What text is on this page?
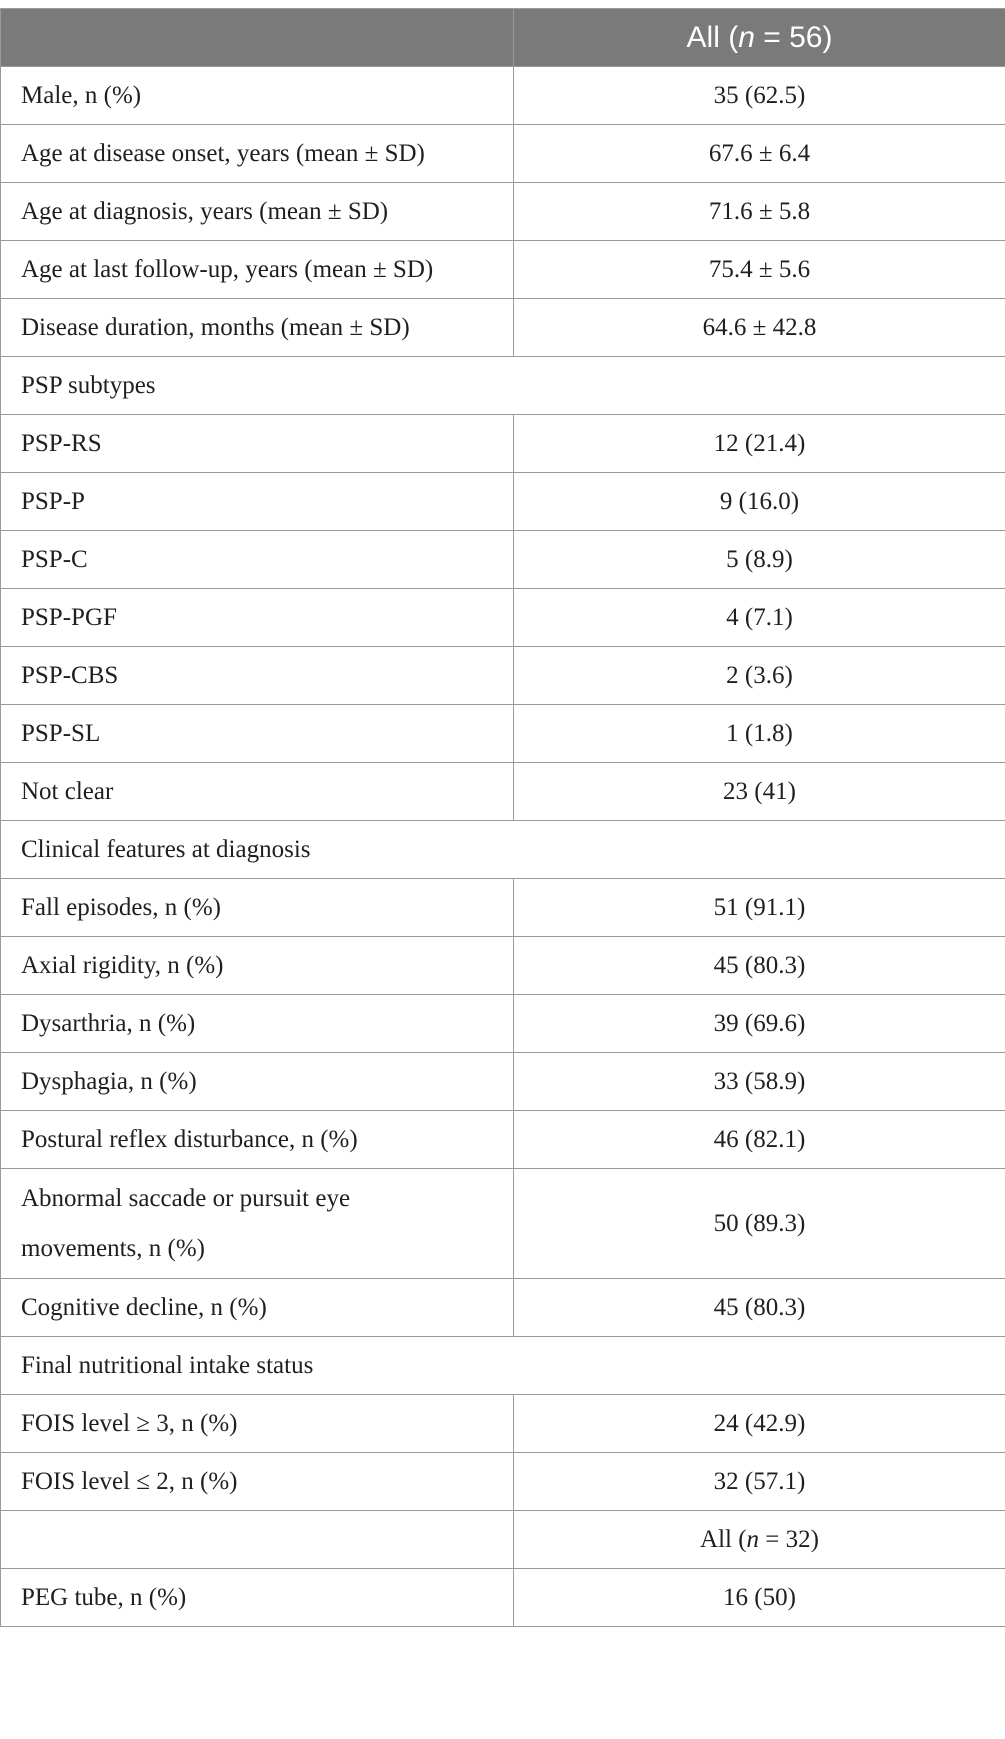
	All (n = 56)
Male, n (%)	35 (62.5)
Age at disease onset, years (mean ± SD)	67.6 ± 6.4
Age at diagnosis, years (mean ± SD)	71.6 ± 5.8
Age at last follow-up, years (mean ± SD)	75.4 ± 5.6
Disease duration, months (mean ± SD)	64.6 ± 42.8
PSP subtypes	
PSP-RS	12 (21.4)
PSP-P	9 (16.0)
PSP-C	5 (8.9)
PSP-PGF	4 (7.1)
PSP-CBS	2 (3.6)
PSP-SL	1 (1.8)
Not clear	23 (41)
Clinical features at diagnosis	
Fall episodes, n (%)	51 (91.1)
Axial rigidity, n (%)	45 (80.3)
Dysarthria, n (%)	39 (69.6)
Dysphagia, n (%)	33 (58.9)
Postural reflex disturbance, n (%)	46 (82.1)
Abnormal saccade or pursuit eye
movements, n (%)	50 (89.3)
Cognitive decline, n (%)	45 (80.3)
Final nutritional intake status	
FOIS level ≥ 3, n (%)	24 (42.9)
FOIS level ≤ 2, n (%)	32 (57.1)
	All (n = 32)
PEG tube, n (%)	16 (50)
